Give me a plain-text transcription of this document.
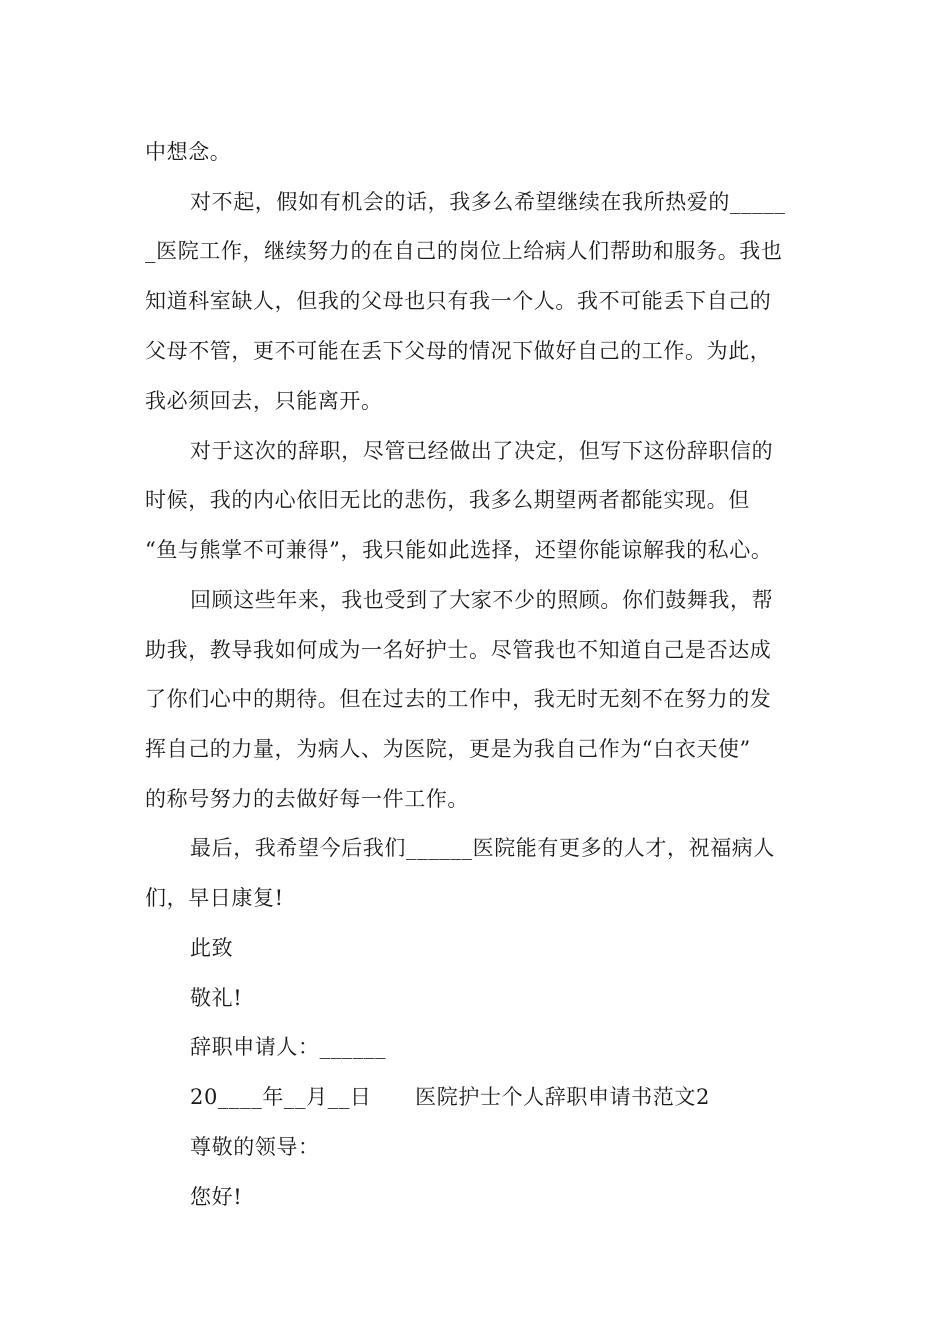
中想念。
对不起，假如有机会的话，我多么希望继续在我所热爱的_____
_医院工作，继续努力的在自己的岗位上给病人们帮助和服务。我也
知道科室缺人，但我的父母也只有我一个人。我不可能丢下自己的
父母不管，更不可能在丢下父母的情况下做好自己的工作。为此，
我必须回去，只能离开。
对于这次的辞职，尽管已经做出了决定，但写下这份辞职信的
时候，我的内心依旧无比的悲伤，我多么期望两者都能实现。但
“鱼与熊掌不可兼得”，我只能如此选择，还望你能谅解我的私心。
回顾这些年来，我也受到了大家不少的照顾。你们鼓舞我，帮
助我，教导我如何成为一名好护士。尽管我也不知道自己是否达成
了你们心中的期待。但在过去的工作中，我无时无刻不在努力的发
挥自己的力量，为病人、为医院，更是为我自己作为“白衣天使”
的称号努力的去做好每一件工作。
最后，我希望今后我们______医院能有更多的人才，祝福病人
们，早日康复!
此致
敬礼!
辞职申请人：______
20____年__月__日      医院护士个人辞职申请书范文2
尊敬的领导：
您好!
